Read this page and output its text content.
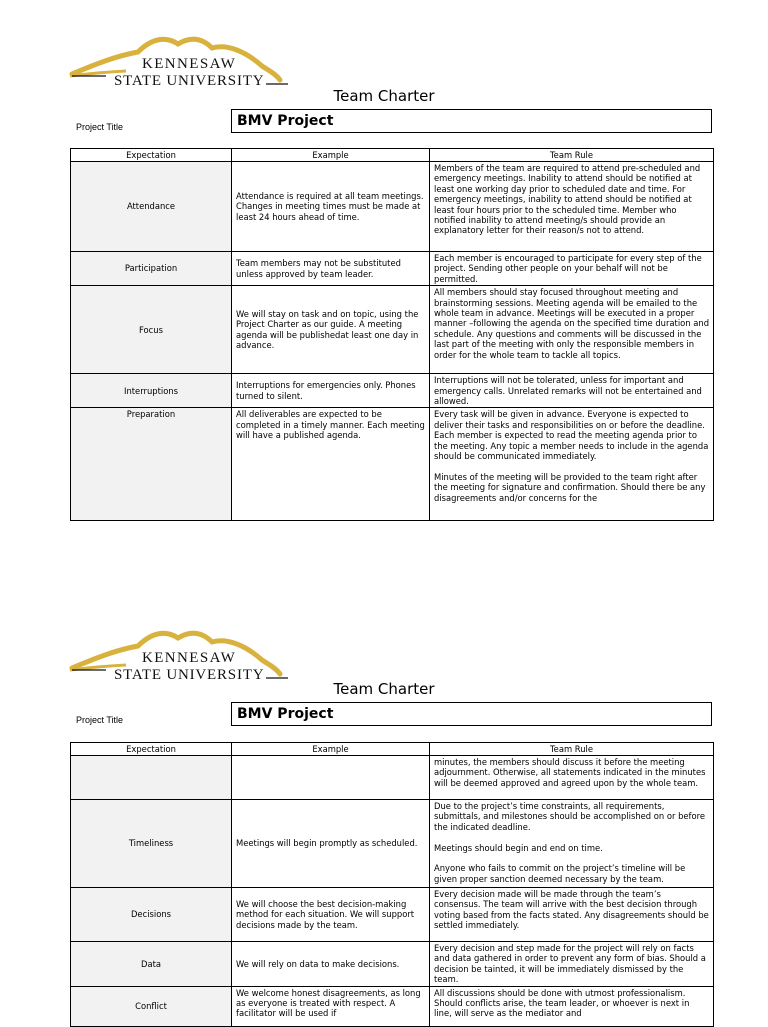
KENNESAW
STATE UNIVERSITY
Team Charter
Project Title	BMV Project
Expectation	Example	Team Rule
Attendance	Attendance is required at all team meetings. Changes in meeting times must be made at least 24 hours ahead of time.	Members of the team are required to attend pre-scheduled and emergency meetings. Inability to attend should be notified at least one working day prior to scheduled date and time. For emergency meetings, inability to attend should be notified at least four hours prior to the scheduled time. Member who notified inability to attend meeting/s should provide an explanatory letter for their reason/s not to attend.
Participation	Team members may not be substituted unless approved by team leader.	Each member is encouraged to participate for every step of the project. Sending other people on your behalf will not be permitted.
Focus	We will stay on task and on topic, using the Project Charter as our guide. A meeting agenda will be publishedat least one day in advance.	All members should stay focused throughout meeting and brainstorming sessions. Meeting agenda will be emailed to the whole team in advance. Meetings will be executed in a proper manner –following the agenda on the specified time duration and schedule. Any questions and comments will be discussed in the last part of the meeting with only the responsible members in order for the whole team to tackle all topics.
Interruptions	Interruptions for emergencies only. Phones turned to silent.	Interruptions will not be tolerated, unless for important and emergency calls. Unrelated remarks will not be entertained and allowed.
Preparation	All deliverables are expected to be completed in a timely manner. Each meeting will have a published agenda.	Every task will be given in advance. Everyone is expected to deliver their tasks and responsibilities on or before the deadline. Each member is expected to read the meeting agenda prior to the meeting. Any topic a member needs to include in the agenda should be communicated immediately.

Minutes of the meeting will be provided to the team right after the meeting for signature and confirmation. Should there be any disagreements and/or concerns for the
KENNESAW
STATE UNIVERSITY
Team Charter
Project Title	BMV Project
Expectation	Example	Team Rule
		minutes, the members should discuss it before the meeting adjournment. Otherwise, all statements indicated in the minutes will be deemed approved and agreed upon by the whole team.
Timeliness	Meetings will begin promptly as scheduled.	Due to the project’s time constraints, all requirements, submittals, and milestones should be accomplished on or before the indicated deadline.

Meetings should begin and end on time.

Anyone who fails to commit on the project’s timeline will be given proper sanction deemed necessary by the team.
Decisions	We will choose the best decision-making method for each situation. We will support decisions made by the team.	Every decision made will be made through the team’s consensus. The team will arrive with the best decision through voting based from the facts stated. Any disagreements should be settled immediately.
Data	We will rely on data to make decisions.	Every decision and step made for the project will rely on facts and data gathered in order to prevent any form of bias. Should a decision be tainted, it will be immediately dismissed by the team.
Conflict	We welcome honest disagreements, as long as everyone is treated with respect. A facilitator will be used if	All discussions should be done with utmost professionalism. Should conflicts arise, the team leader, or whoever is next in line, will serve as the mediator and
